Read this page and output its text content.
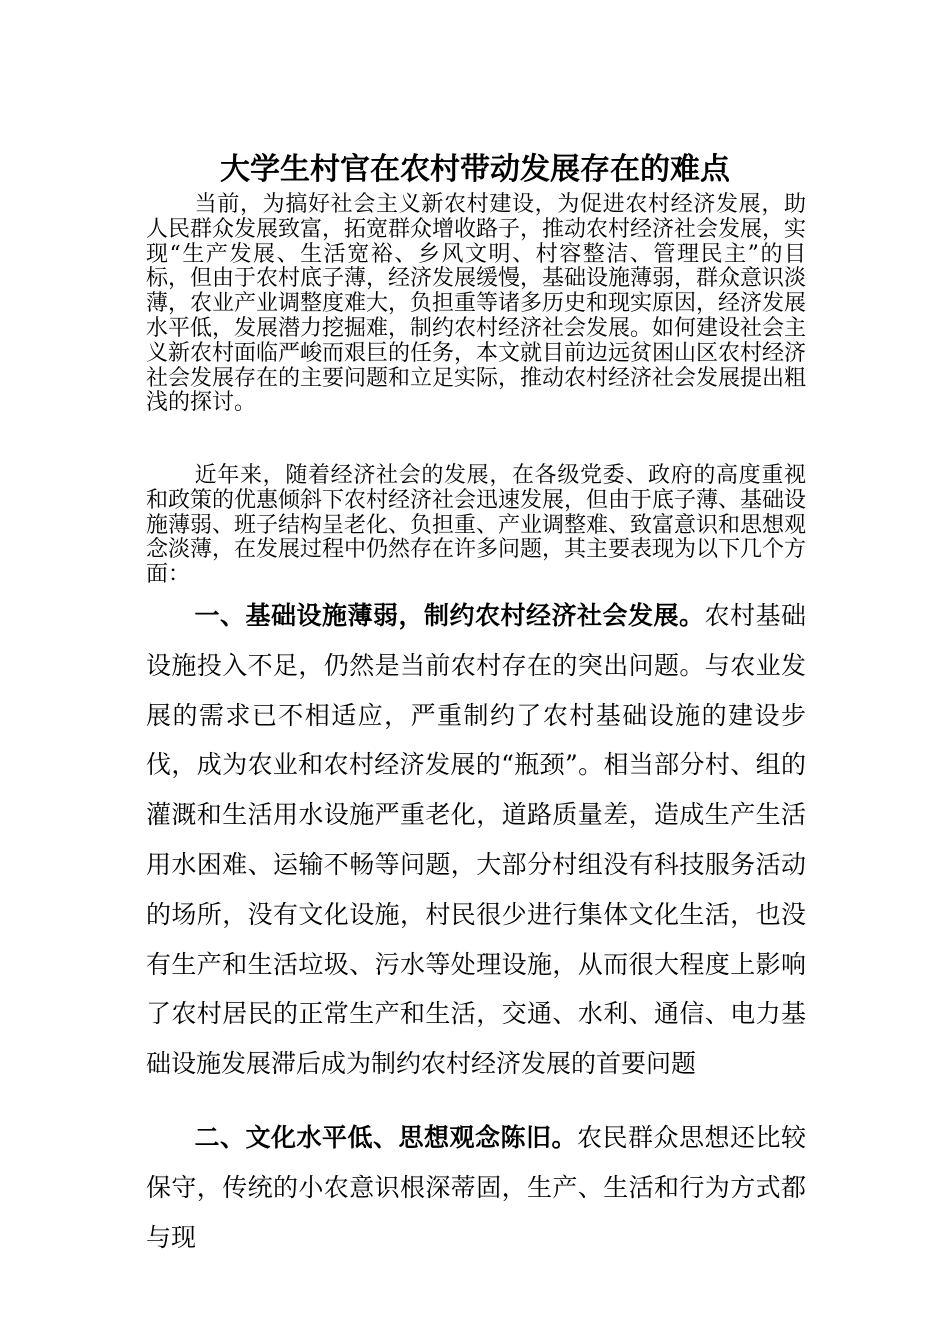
大学生村官在农村带动发展存在的难点

当前，为搞好社会主义新农村建设，为促进农村经济发展，助人民群众发展致富，拓宽群众增收路子，推动农村经济社会发展，实现“生产发展、生活宽裕、乡风文明、村容整洁、管理民主”的目标，但由于农村底子薄，经济发展缓慢，基础设施薄弱，群众意识淡薄，农业产业调整度难大，负担重等诸多历史和现实原因，经济发展水平低，发展潜力挖掘难，制约农村经济社会发展。如何建设社会主义新农村面临严峻而艰巨的任务，本文就目前边远贫困山区农村经济社会发展存在的主要问题和立足实际，推动农村经济社会发展提出粗浅的探讨。

近年来，随着经济社会的发展，在各级党委、政府的高度重视和政策的优惠倾斜下农村经济社会迅速发展，但由于底子薄、基础设施薄弱、班子结构呈老化、负担重、产业调整难、致富意识和思想观念淡薄，在发展过程中仍然存在许多问题，其主要表现为以下几个方面：

一、基础设施薄弱，制约农村经济社会发展。农村基础设施投入不足，仍然是当前农村存在的突出问题。与农业发展的需求已不相适应，严重制约了农村基础设施的建设步伐，成为农业和农村经济发展的“瓶颈”。相当部分村、组的灌溉和生活用水设施严重老化，道路质量差，造成生产生活用水困难、运输不畅等问题，大部分村组没有科技服务活动的场所，没有文化设施，村民很少进行集体文化生活，也没有生产和生活垃圾、污水等处理设施，从而很大程度上影响了农村居民的正常生产和生活，交通、水利、通信、电力基础设施发展滞后成为制约农村经济发展的首要问题

二、文化水平低、思想观念陈旧。农民群众思想还比较保守，传统的小农意识根深蒂固，生产、生活和行为方式都与现
